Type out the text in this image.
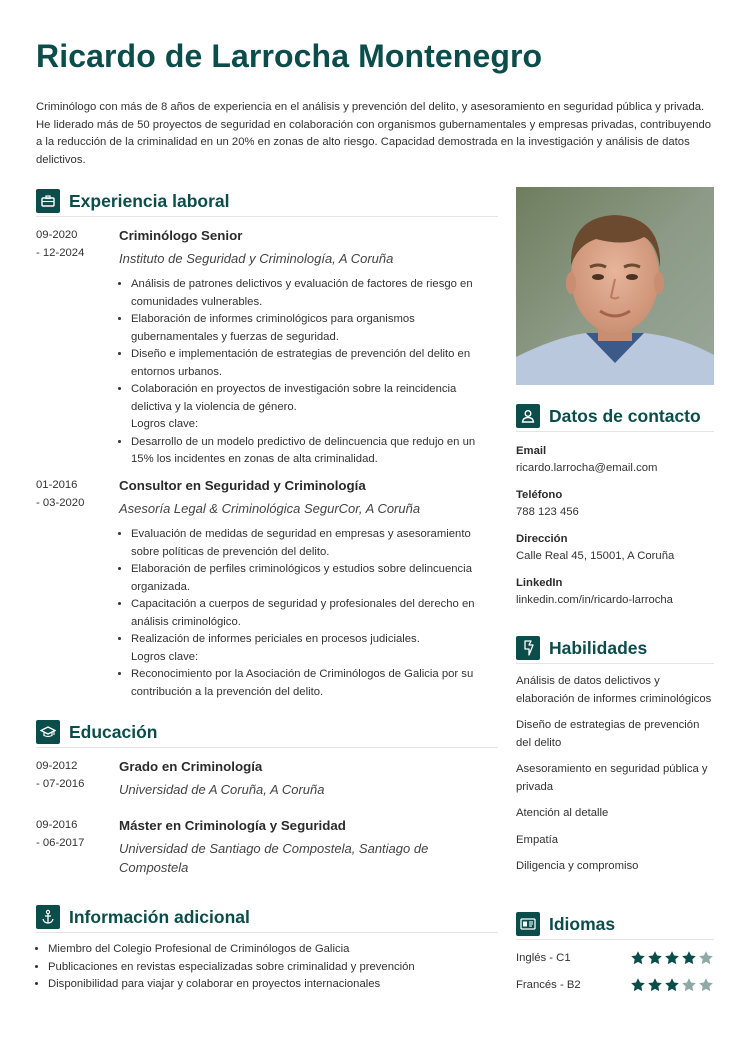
Ricardo de Larrocha Montenegro

Criminólogo con más de 8 años de experiencia en el análisis y prevención del delito, y asesoramiento en seguridad pública y privada. He liderado más de 50 proyectos de seguridad en colaboración con organismos gubernamentales y empresas privadas, contribuyendo a la reducción de la criminalidad en un 20% en zonas de alto riesgo. Capacidad demostrada en la investigación y análisis de datos delictivos.

Experiencia laboral
09-2020
- 12-2024

Criminólogo Senior

Instituto de Seguridad y Criminología, A Coruña

• Análisis de patrones delictivos y evaluación de factores de riesgo en comunidades vulnerables.
• Elaboración de informes criminológicos para organismos gubernamentales y fuerzas de seguridad.
• Diseño e implementación de estrategias de prevención del delito en entornos urbanos.
• Colaboración en proyectos de investigación sobre la reincidencia delictiva y la violencia de género.
Logros clave:
• Desarrollo de un modelo predictivo de delincuencia que redujo en un 15% los incidentes en zonas de alta criminalidad.
01-2016
- 03-2020

Consultor en Seguridad y Criminología

Asesoría Legal & Criminológica SegurCor, A Coruña

• Evaluación de medidas de seguridad en empresas y asesoramiento sobre políticas de prevención del delito.
• Elaboración de perfiles criminológicos y estudios sobre delincuencia organizada.
• Capacitación a cuerpos de seguridad y profesionales del derecho en análisis criminológico.
• Realización de informes periciales en procesos judiciales.
Logros clave:
• Reconocimiento por la Asociación de Criminólogos de Galicia por su contribución a la prevención del delito.
Educación
09-2012
- 07-2016

Grado en Criminología

Universidad de A Coruña, A Coruña

09-2016
- 06-2017

Máster en Criminología y Seguridad

Universidad de Santiago de Compostela, Santiago de Compostela

Información adicional
• Miembro del Colegio Profesional de Criminólogos de Galicia
• Publicaciones en revistas especializadas sobre criminalidad y prevención
• Disponibilidad para viajar y colaborar en proyectos internacionales
Datos de contacto
Email
ricardo.larrocha@email.com
Teléfono
788 123 456
Dirección
Calle Real 45, 15001, A Coruña
LinkedIn
linkedin.com/in/ricardo-larrocha
Habilidades
Análisis de datos delictivos y elaboración de informes criminológicos
Diseño de estrategias de prevención del delito
Asesoramiento en seguridad pública y privada
Atención al detalle
Empatía
Diligencia y compromiso
Idiomas
Inglés - C1
Francés - B2
